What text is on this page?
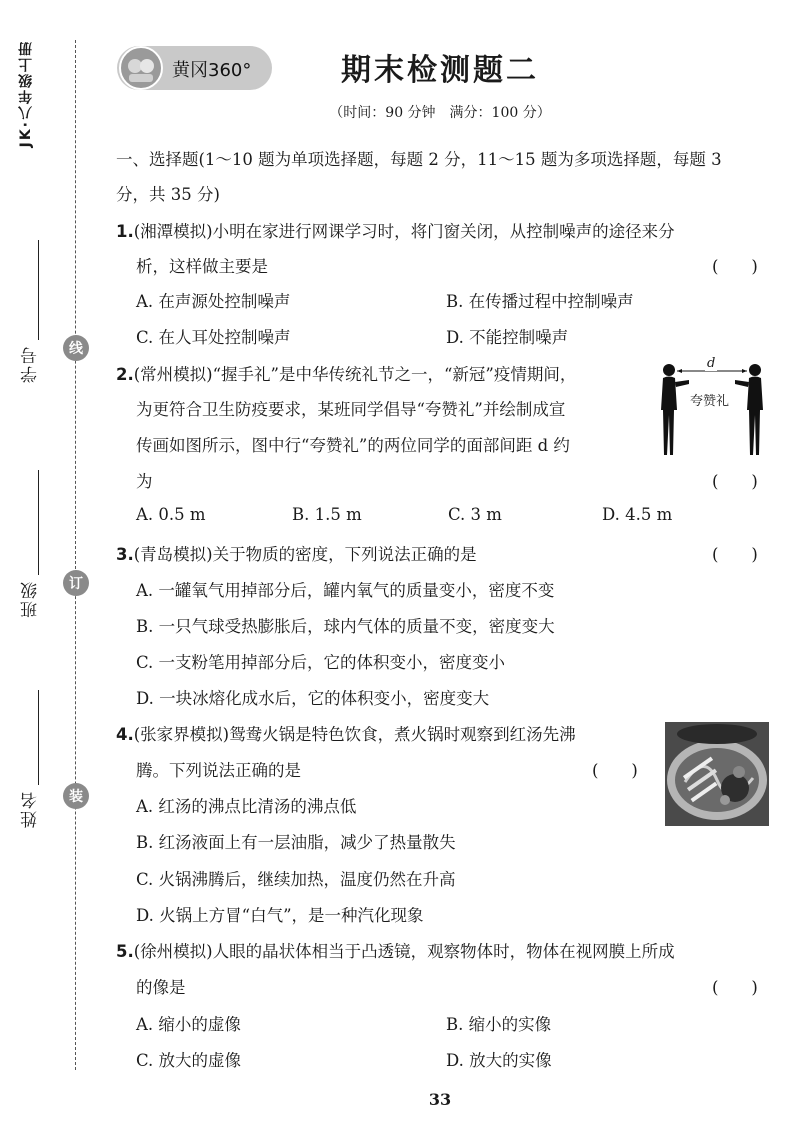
JK·八年级上册
学号
班级
姓名
线
订
装
黄冈360°	期末检测题二
（时间：90 分钟　满分：100 分）
一、选择题(1～10 题为单项选择题，每题 2 分，11～15 题为多项选择题，每题 3
分，共 35 分)
1.(湘潭模拟)小明在家进行网课学习时，将门窗关闭，从控制噪声的途径来分
析，这样做主要是	(　　)
A. 在声源处控制噪声	B. 在传播过程中控制噪声
C. 在人耳处控制噪声	D. 不能控制噪声
2.(常州模拟)“握手礼”是中华传统礼节之一，“新冠”疫情期间，
为更符合卫生防疫要求，某班同学倡导“夸赞礼”并绘制成宣
传画如图所示，图中行“夸赞礼”的两位同学的面部间距 d 约
为	(　　)
A. 0.5 m	B. 1.5 m	C. 3 m	D. 4.5 m
d
夸赞礼
3.(青岛模拟)关于物质的密度，下列说法正确的是	(　　)
A. 一罐氧气用掉部分后，罐内氧气的质量变小，密度不变
B. 一只气球受热膨胀后，球内气体的质量不变，密度变大
C. 一支粉笔用掉部分后，它的体积变小，密度变小
D. 一块冰熔化成水后，它的体积变小，密度变大
4.(张家界模拟)鸳鸯火锅是特色饮食，煮火锅时观察到红汤先沸
腾。下列说法正确的是	(　　)
A. 红汤的沸点比清汤的沸点低
B. 红汤液面上有一层油脂，减少了热量散失
C. 火锅沸腾后，继续加热，温度仍然在升高
D. 火锅上方冒“白气”，是一种汽化现象
5.(徐州模拟)人眼的晶状体相当于凸透镜，观察物体时，物体在视网膜上所成
的像是	(　　)
A. 缩小的虚像	B. 缩小的实像
C. 放大的虚像	D. 放大的实像
33
